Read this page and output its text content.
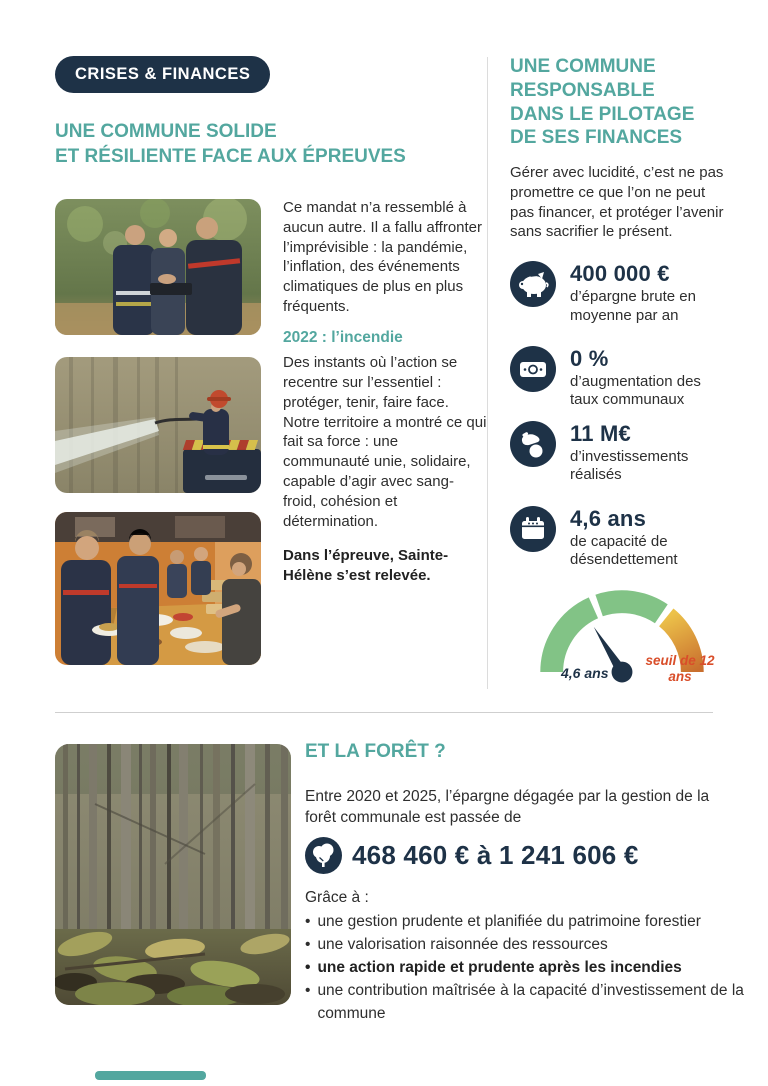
CRISES & FINANCES
UNE COMMUNE SOLIDE
ET RÉSILIENTE FACE AUX ÉPREUVES
Ce mandat n’a ressemblé à aucun autre. Il a fallu affronter l’imprévisible : la pandémie, l’inflation, des événements climatiques de plus en plus fréquents.
2022 : l’incendie
Des instants où l’action se recentre sur l’essentiel : protéger, tenir, faire face. Notre territoire a montré ce qui fait sa force : une communauté unie, solidaire, capable d’agir avec sang-froid, cohésion et détermination.
Dans l’épreuve, Sainte-Hélène s’est relevée.
UNE COMMUNE
RESPONSABLE
DANS LE PILOTAGE
DE SES FINANCES
Gérer avec lucidité, c’est ne pas promettre ce que l’on ne peut pas financer, et protéger l’avenir sans sacrifier le présent.
400 000 €
d’épargne brute en moyenne par an
0 %
d’augmentation des taux communaux
11 M€
d’investissements réalisés
4,6 ans
de capacité de désendettement
4,6 ans
seuil de 12 ans
ET LA FORÊT ?
Entre 2020 et 2025, l’épargne dégagée par la gestion de la forêt communale est passée de
468 460 € à 1 241 606 €
Grâce à :
• une gestion prudente et planifiée du patrimoine forestier
• une valorisation raisonnée des ressources
• une action rapide et prudente après les incendies
• une contribution maîtrisée à la capacité d’investissement de la commune
